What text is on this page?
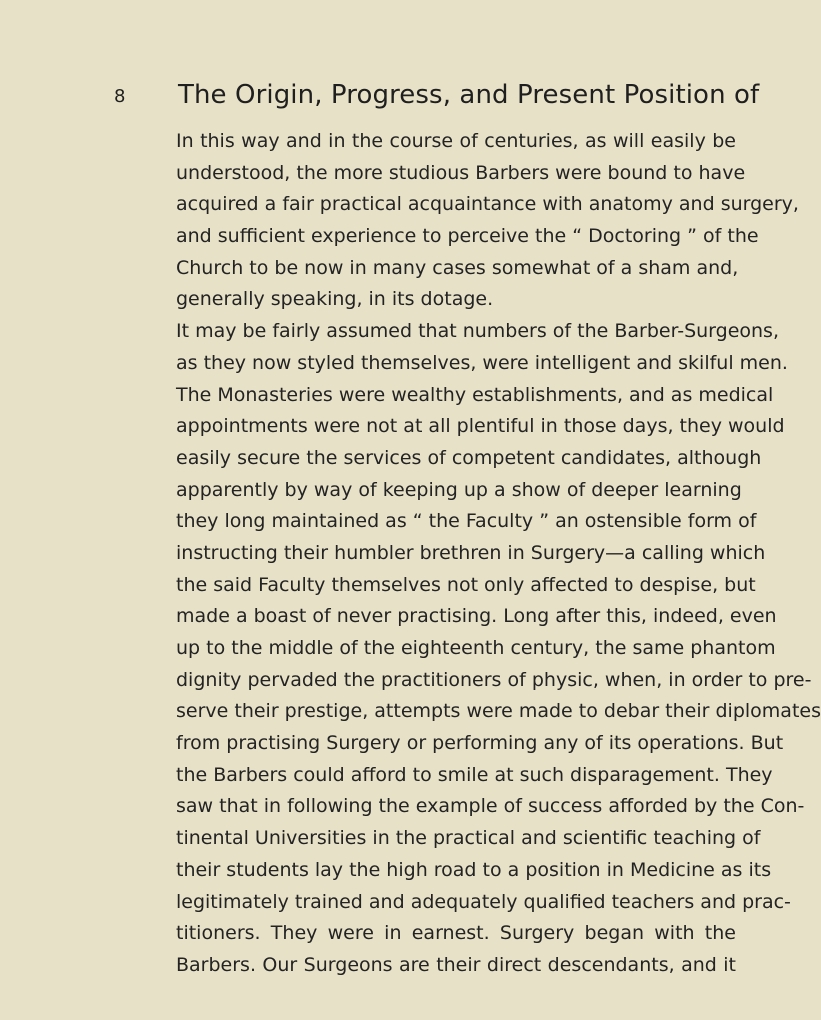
8 The Origin, Progress, and Present Position of
In this way and in the course of centuries, as will easily be
understood, the more studious Barbers were bound to have
acquired a fair practical acquaintance with anatomy and surgery,
and sufficient experience to perceive the “ Doctoring ” of the
Church to be now in many cases somewhat of a sham and,
generally speaking, in its dotage.
It may be fairly assumed that numbers of the Barber-Surgeons,
as they now styled themselves, were intelligent and skilful men.
The Monasteries were wealthy establishments, and as medical
appointments were not at all plentiful in those days, they would
easily secure the services of competent candidates, although
apparently by way of keeping up a show of deeper learning
they long maintained as “ the Faculty ” an ostensible form of
instructing their humbler brethren in Surgery—a calling which
the said Faculty themselves not only affected to despise, but
made a boast of never practising. Long after this, indeed, even
up to the middle of the eighteenth century, the same phantom
dignity pervaded the practitioners of physic, when, in order to pre-
serve their prestige, attempts were made to debar their diplomates
from practising Surgery or performing any of its operations. But
the Barbers could afford to smile at such disparagement. They
saw that in following the example of success afforded by the Con-
tinental Universities in the practical and scientific teaching of
their students lay the high road to a position in Medicine as its
legitimately trained and adequately qualified teachers and prac-
titioners. They were in earnest. Surgery began with the
Barbers. Our Surgeons are their direct descendants, and it
